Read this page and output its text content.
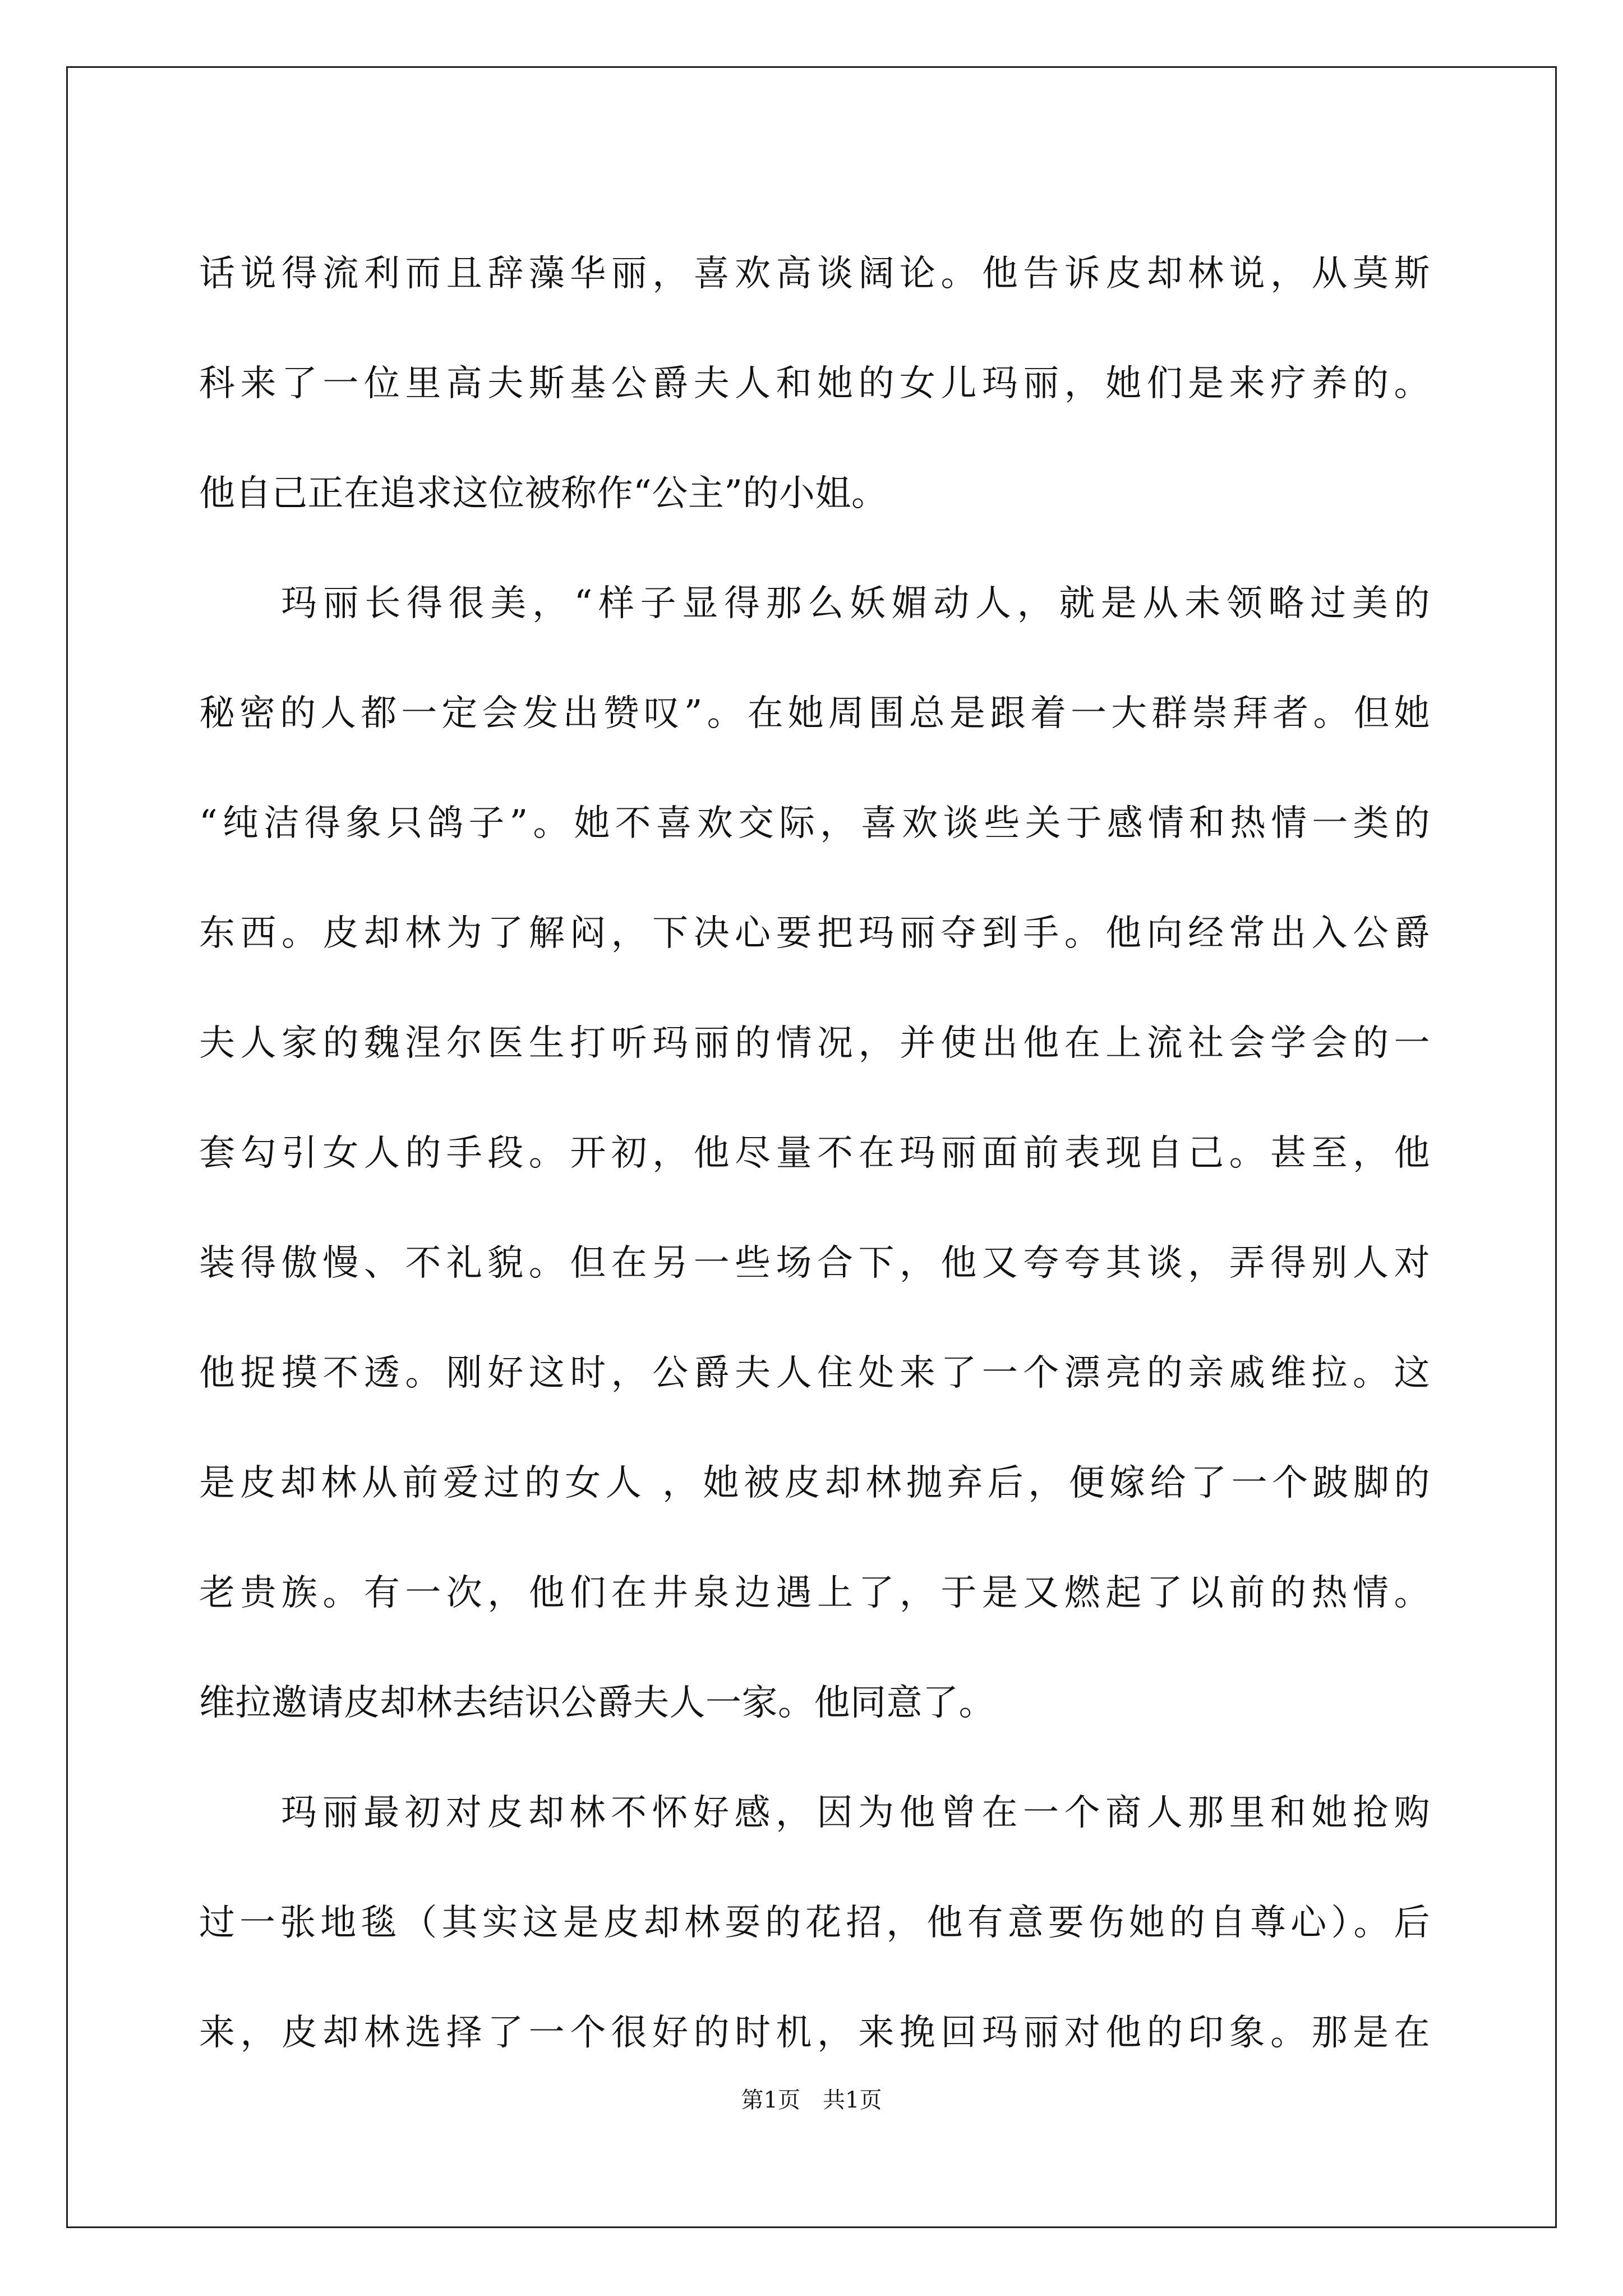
话说得流利而且辞藻华丽，喜欢高谈阔论。他告诉皮却林说，从莫斯
科来了一位里高夫斯基公爵夫人和她的女儿玛丽，她们是来疗养的。
他自己正在追求这位被称作“公主”的小姐。
玛丽长得很美，“样子显得那么妖媚动人，就是从未领略过美的
秘密的人都一定会发出赞叹”。在她周围总是跟着一大群崇拜者。但她
“纯洁得象只鸽子”。她不喜欢交际，喜欢谈些关于感情和热情一类的
东西。皮却林为了解闷，下决心要把玛丽夺到手。他向经常出入公爵
夫人家的魏涅尔医生打听玛丽的情况，并使出他在上流社会学会的一
套勾引女人的手段。开初，他尽量不在玛丽面前表现自己。甚至，他
装得傲慢、不礼貌。但在另一些场合下，他又夸夸其谈，弄得别人对
他捉摸不透。刚好这时，公爵夫人住处来了一个漂亮的亲戚维拉。这
是皮却林从前爱过的女人 ，她被皮却林抛弃后，便嫁给了一个跛脚的
老贵族。有一次，他们在井泉边遇上了，于是又燃起了以前的热情。
维拉邀请皮却林去结识公爵夫人一家。他同意了。
玛丽最初对皮却林不怀好感，因为他曾在一个商人那里和她抢购
过一张地毯（其实这是皮却林耍的花招，他有意要伤她的自尊心）。后
来，皮却林选择了一个很好的时机，来挽回玛丽对他的印象。那是在
第1页　共1页
